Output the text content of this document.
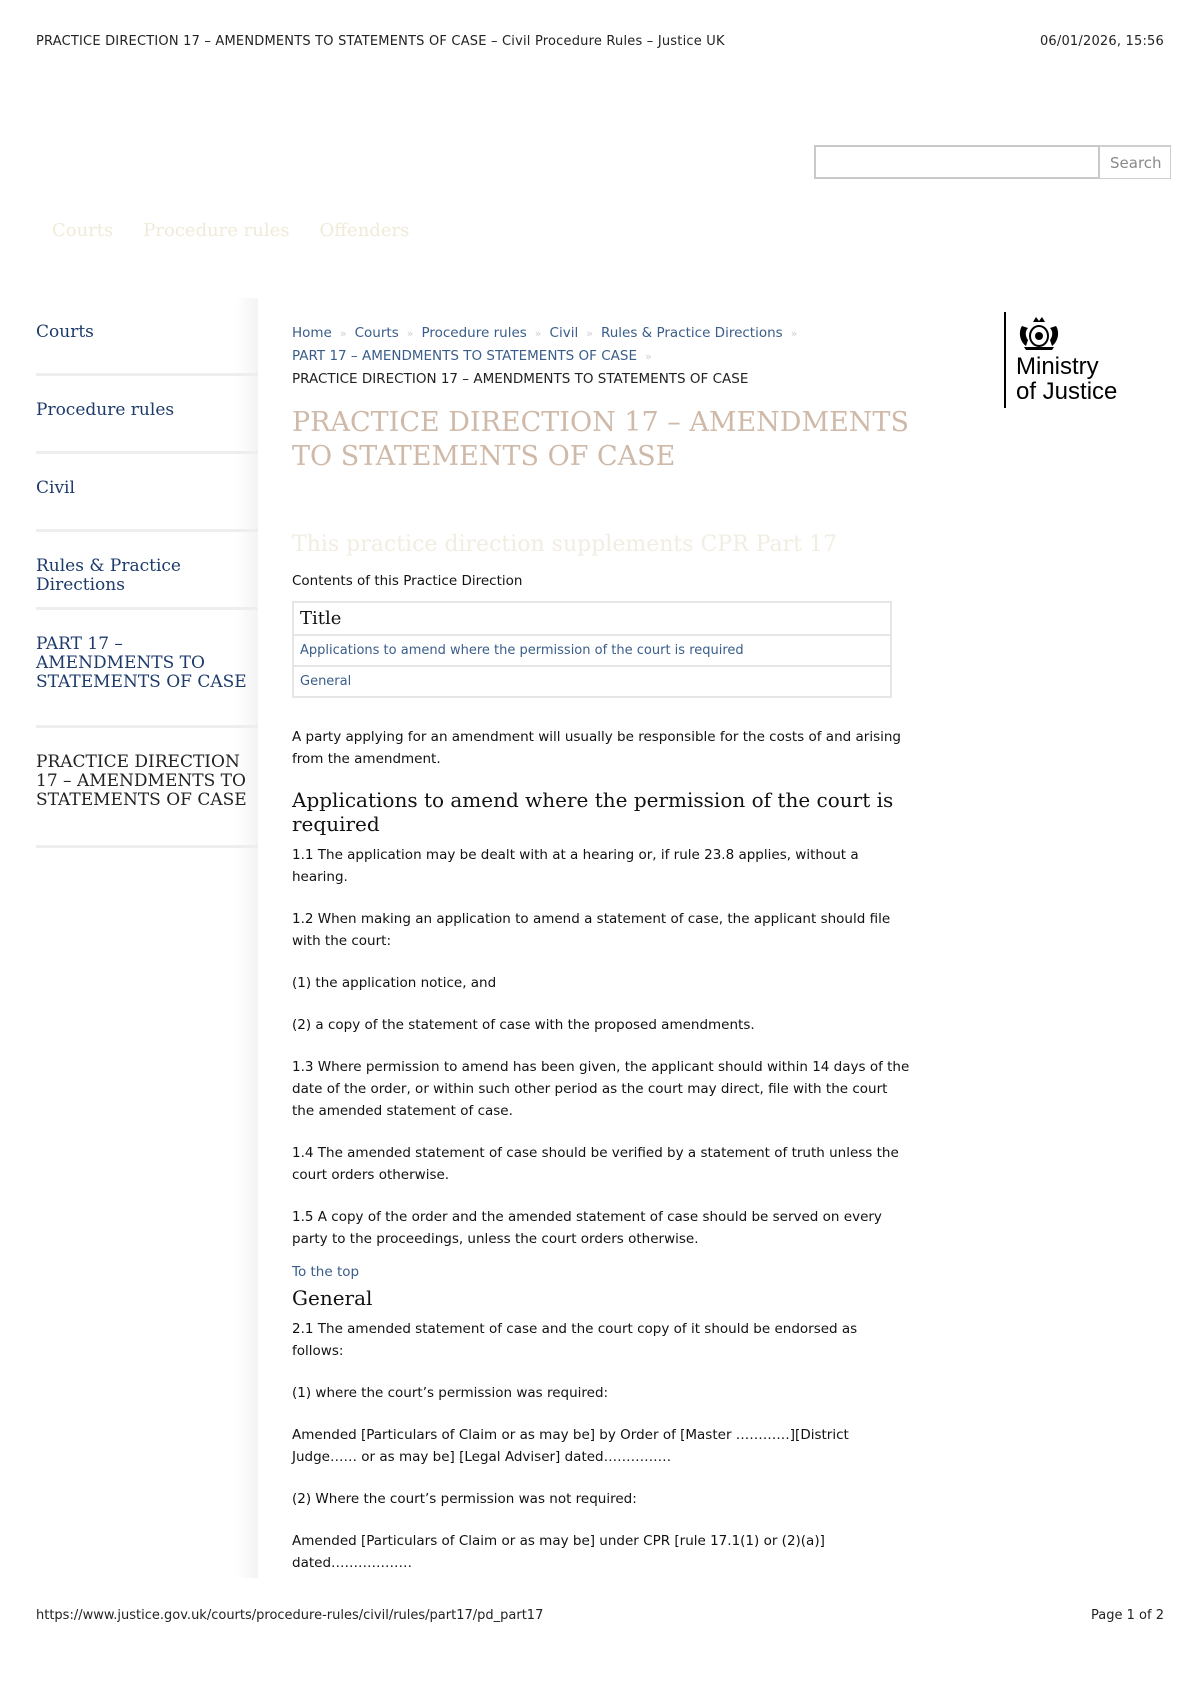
PRACTICE DIRECTION 17 – AMENDMENTS TO STATEMENTS OF CASE – Civil Procedure Rules – Justice UK	06/01/2026, 15:56
Search
Courts Procedure rules Offenders
Courts
Procedure rules
Civil
Rules & Practice Directions
PART 17 – AMENDMENTS TO STATEMENTS OF CASE
PRACTICE DIRECTION 17 – AMENDMENTS TO STATEMENTS OF CASE
Home » Courts » Procedure rules » Civil » Rules & Practice Directions »
PART 17 – AMENDMENTS TO STATEMENTS OF CASE »
PRACTICE DIRECTION 17 – AMENDMENTS TO STATEMENTS OF CASE
PRACTICE DIRECTION 17 – AMENDMENTS TO STATEMENTS OF CASE
This practice direction supplements CPR Part 17

Contents of this Practice Direction

Title
Applications to amend where the permission of the court is required
General

A party applying for an amendment will usually be responsible for the costs of and arising from the amendment.

Applications to amend where the permission of the court is required

1.1 The application may be dealt with at a hearing or, if rule 23.8 applies, without a hearing.

1.2 When making an application to amend a statement of case, the applicant should file with the court:

(1) the application notice, and

(2) a copy of the statement of case with the proposed amendments.

1.3 Where permission to amend has been given, the applicant should within 14 days of the date of the order, or within such other period as the court may direct, file with the court the amended statement of case.

1.4 The amended statement of case should be verified by a statement of truth unless the court orders otherwise.

1.5 A copy of the order and the amended statement of case should be served on every party to the proceedings, unless the court orders otherwise.

To the top
General

2.1 The amended statement of case and the court copy of it should be endorsed as follows:

(1) where the court’s permission was required:

Amended [Particulars of Claim or as may be] by Order of [Master …………][District Judge…… or as may be] [Legal Adviser] dated……………

(2) Where the court’s permission was not required:

Amended [Particulars of Claim or as may be] under CPR [rule 17.1(1) or (2)(a)] dated………………

Ministry
of Justice
https://www.justice.gov.uk/courts/procedure-rules/civil/rules/part17/pd_part17	Page 1 of 2
